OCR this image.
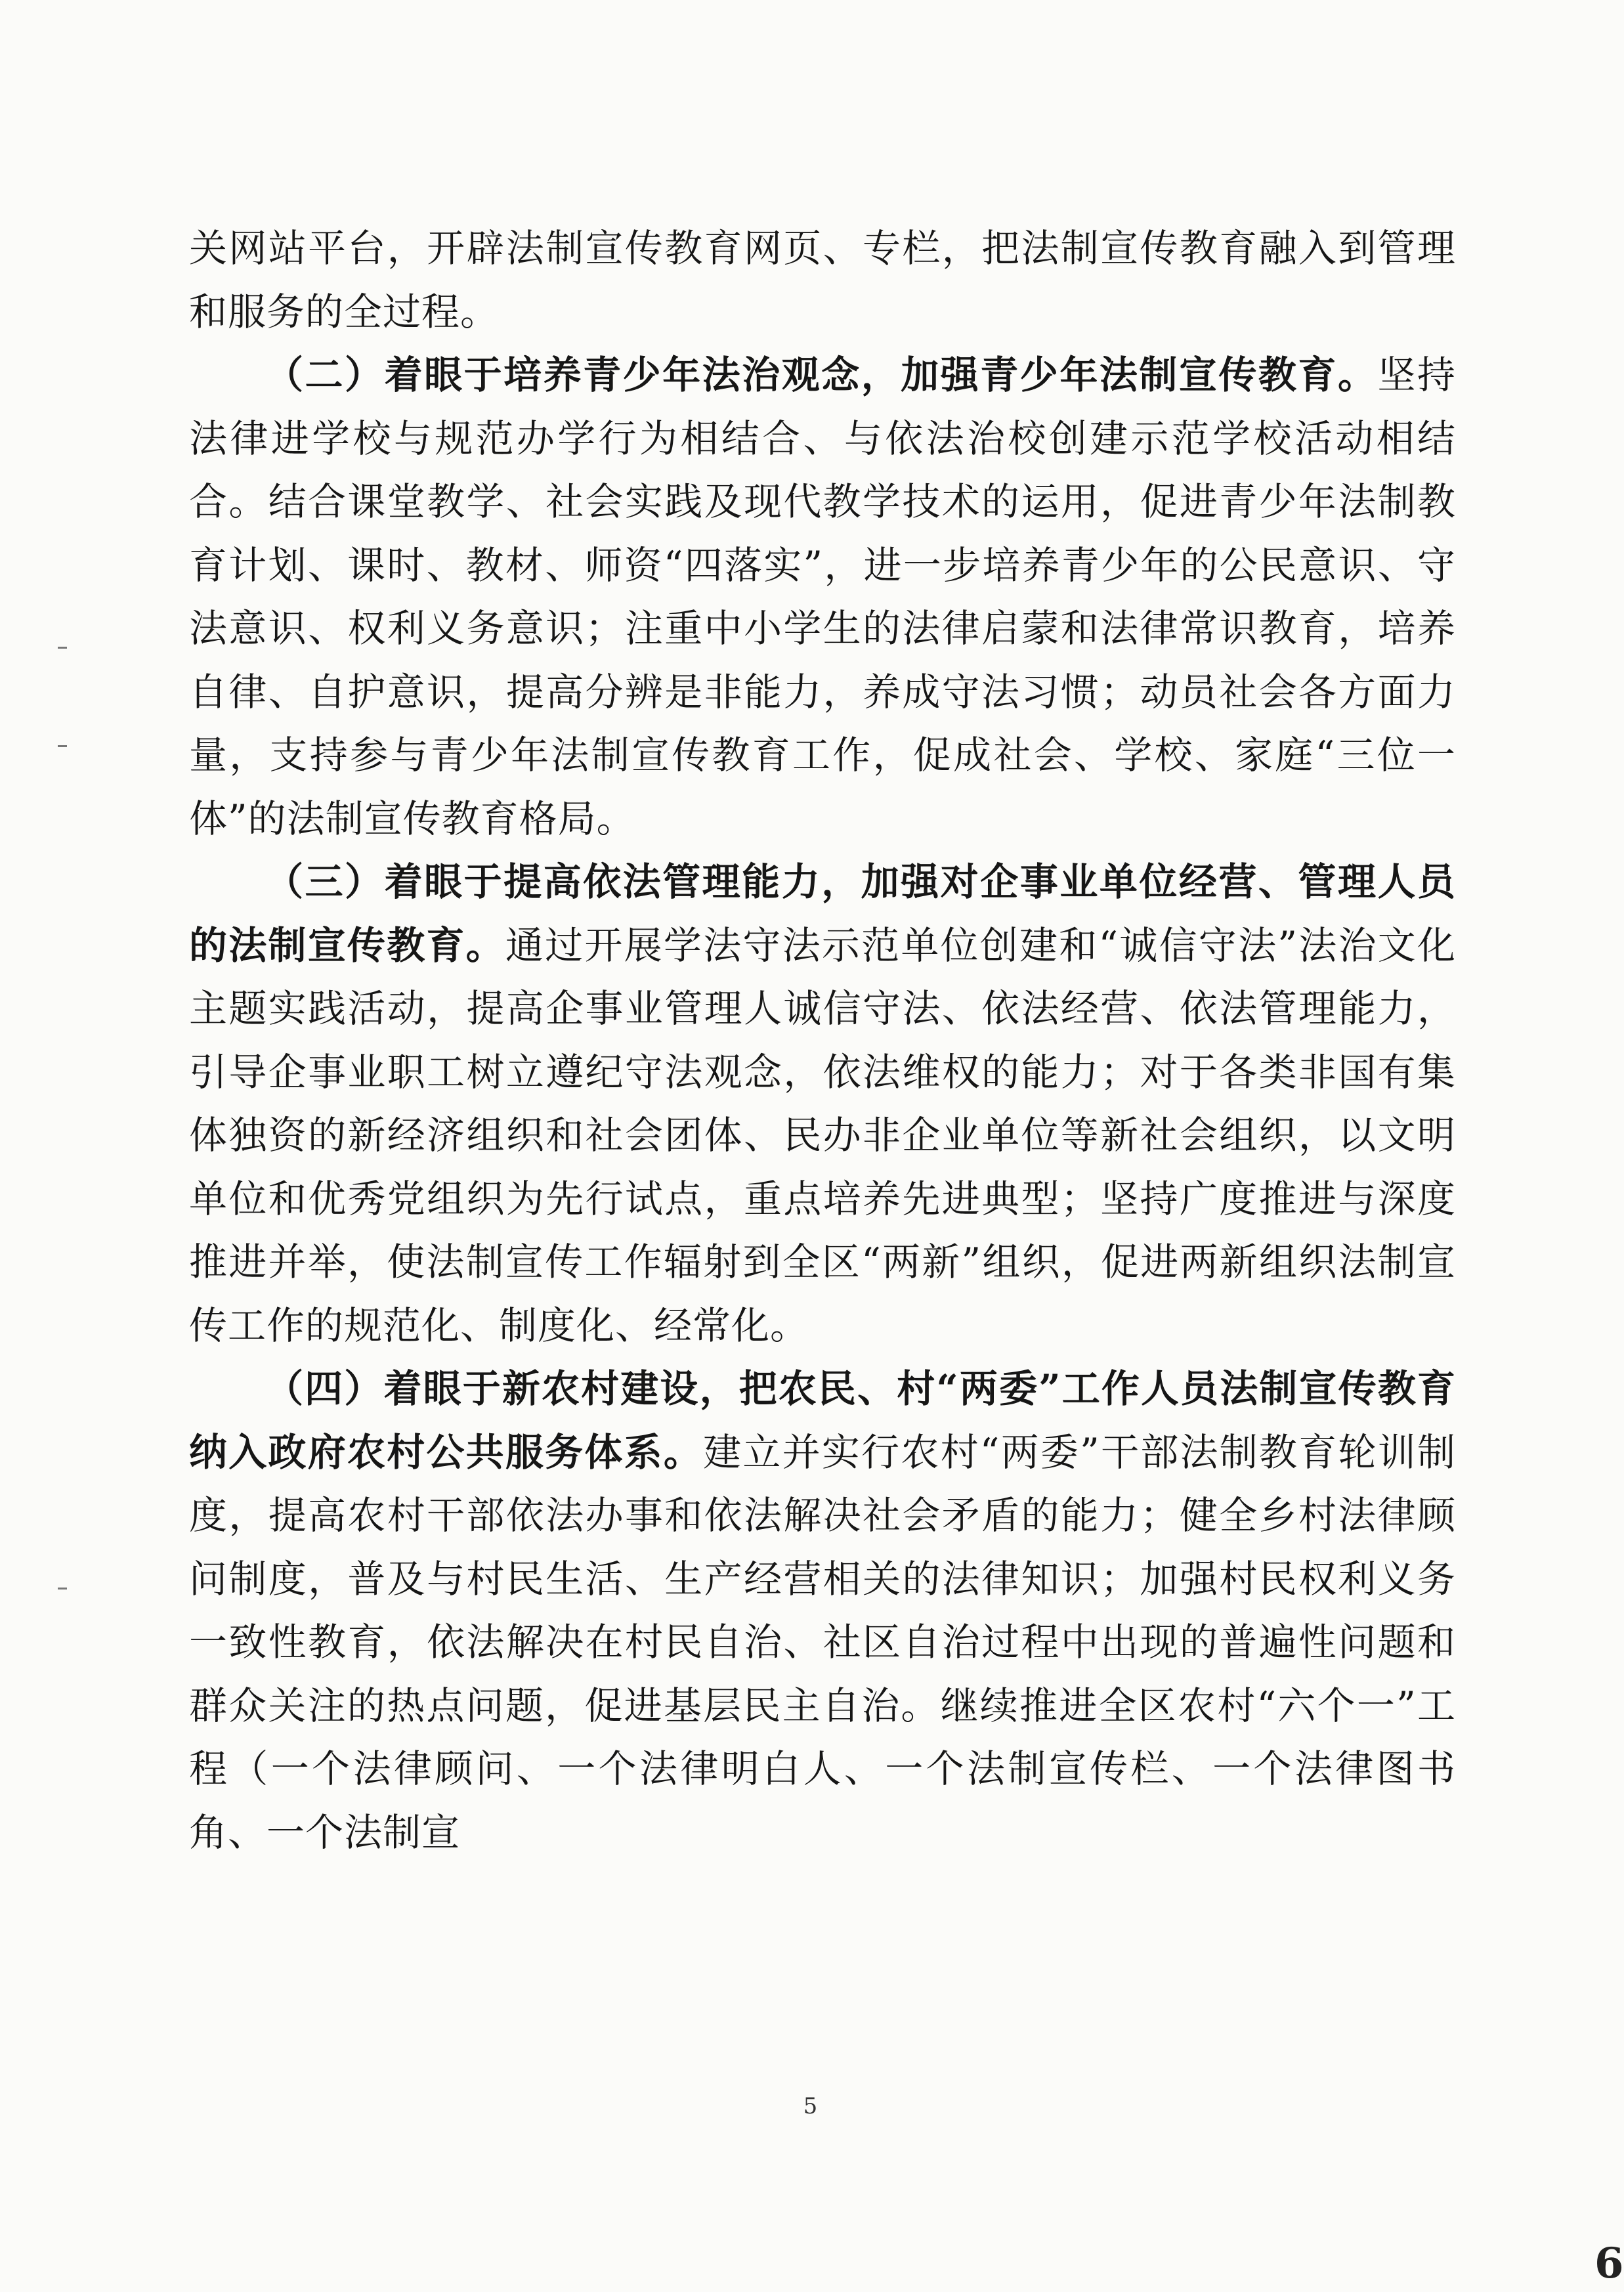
关网站平台，开辟法制宣传教育网页、专栏，把法制宣传教育融入到管理和服务的全过程。

（二）着眼于培养青少年法治观念，加强青少年法制宣传教育。坚持法律进学校与规范办学行为相结合、与依法治校创建示范学校活动相结合。结合课堂教学、社会实践及现代教学技术的运用，促进青少年法制教育计划、课时、教材、师资“四落实”，进一步培养青少年的公民意识、守法意识、权利义务意识；注重中小学生的法律启蒙和法律常识教育，培养自律、自护意识，提高分辨是非能力，养成守法习惯；动员社会各方面力量，支持参与青少年法制宣传教育工作，促成社会、学校、家庭“三位一体”的法制宣传教育格局。

（三）着眼于提高依法管理能力，加强对企事业单位经营、管理人员的法制宣传教育。通过开展学法守法示范单位创建和“诚信守法”法治文化主题实践活动，提高企事业管理人诚信守法、依法经营、依法管理能力，引导企事业职工树立遵纪守法观念，依法维权的能力；对于各类非国有集体独资的新经济组织和社会团体、民办非企业单位等新社会组织，以文明单位和优秀党组织为先行试点，重点培养先进典型；坚持广度推进与深度推进并举，使法制宣传工作辐射到全区“两新”组织，促进两新组织法制宣传工作的规范化、制度化、经常化。

（四）着眼于新农村建设，把农民、村“两委”工作人员法制宣传教育纳入政府农村公共服务体系。建立并实行农村“两委”干部法制教育轮训制度，提高农村干部依法办事和依法解决社会矛盾的能力；健全乡村法律顾问制度，普及与村民生活、生产经营相关的法律知识；加强村民权利义务一致性教育，依法解决在村民自治、社区自治过程中出现的普遍性问题和群众关注的热点问题，促进基层民主自治。继续推进全区农村“六个一”工程（一个法律顾问、一个法律明白人、一个法制宣传栏、一个法律图书角、一个法制宣

5
6
